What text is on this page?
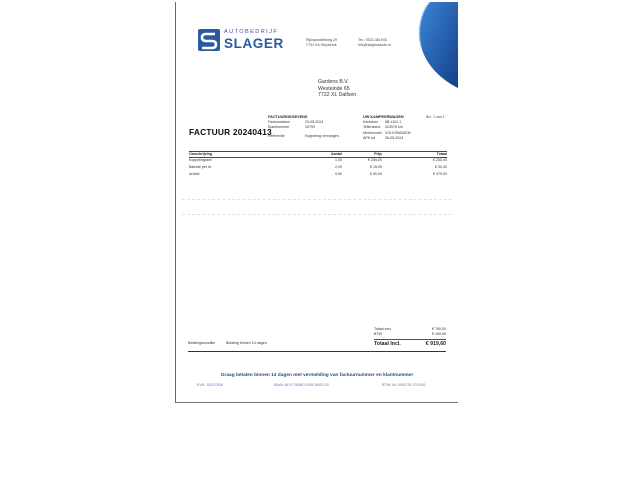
AUTOBEDRIJF
SLAGER	Rijksparallelweg 29
7751 KA Steyberck
Tel.: 0522-461945
info@slageradodo.nl
Gardens B.V.
Westeinde 65
7722 XL Dalfsen
Blz. 1 van 1
FACTUUR 20240413
FACTUURGEGEVENS
Factuurdatum	23-05-2024
Klantnummer	10793
Referentie	Koppeling vervangen
UW KAMPEERWAGEN
Kenteken	6B-LDG-1
Tellerstand	323576 km
Merk/model VOLKSWAGEN
APK tot	26-05-2024
Omschrijving	Aantal	Prijs	Totaal
Koppelingsset	1,00	€ 255,00	€ 255,00
Bakolie per ltr.	2,00	€ 15,00	€ 30,00
Arbeid	9,50	€ 50,00	€ 475,00
Totaal excl.	€ 760,00
BTW	€ 159,60
Totaal Incl.	€ 919,60
Betalingsconditie	Betaling binnen 14 dagen
Graag betalen binnen 14 dagen met vermelding van factuurnummer en klantnummer
KVK: 30027826	IBAN: NL97 RABO 0300 8053 29	BTW: NL 0093 20 374 B01
